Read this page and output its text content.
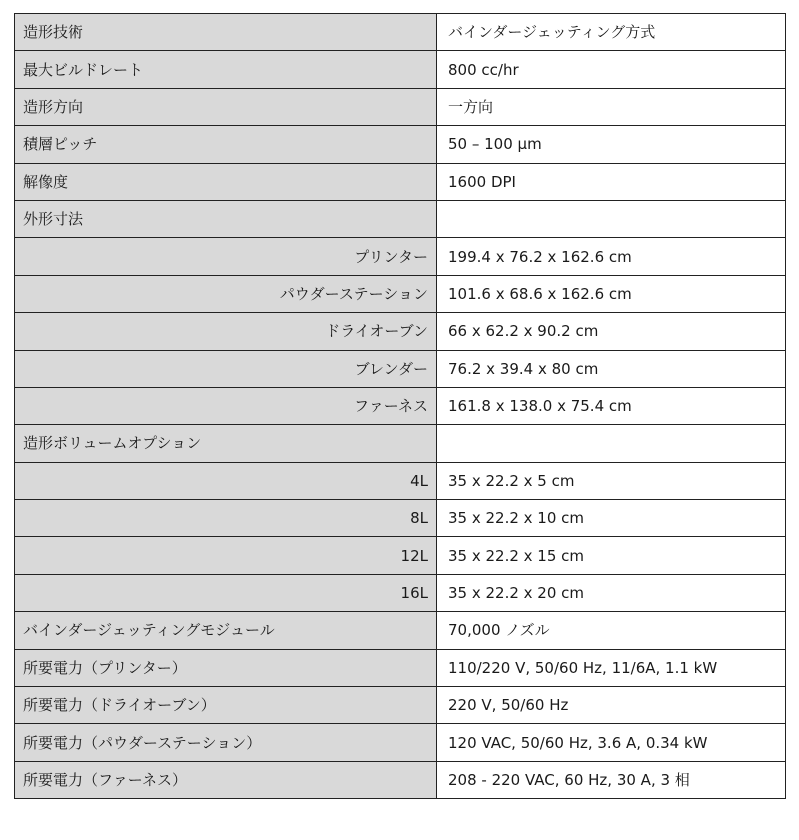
造形技術	バインダージェッティング方式
最大ビルドレート	800 cc/hr
造形方向	一方向
積層ピッチ	50 – 100 μm
解像度	1600 DPI
外形寸法	
プリンター	199.4 x 76.2 x 162.6 cm
パウダーステーション	101.6 x 68.6 x 162.6 cm
ドライオーブン	66 x 62.2 x 90.2 cm
ブレンダー	76.2 x 39.4 x 80 cm
ファーネス	161.8 x 138.0 x 75.4 cm
造形ボリュームオプション	
4L	35 x 22.2 x 5 cm
8L	35 x 22.2 x 10 cm
12L	35 x 22.2 x 15 cm
16L	35 x 22.2 x 20 cm
バインダージェッティングモジュール	70,000 ノズル
所要電力（プリンター）	110/220 V, 50/60 Hz, 11/6A, 1.1 kW
所要電力（ドライオーブン）	220 V, 50/60 Hz
所要電力（パウダーステーション）	120 VAC, 50/60 Hz, 3.6 A, 0.34 kW
所要電力（ファーネス）	208 - 220 VAC, 60 Hz, 30 A, 3 相
